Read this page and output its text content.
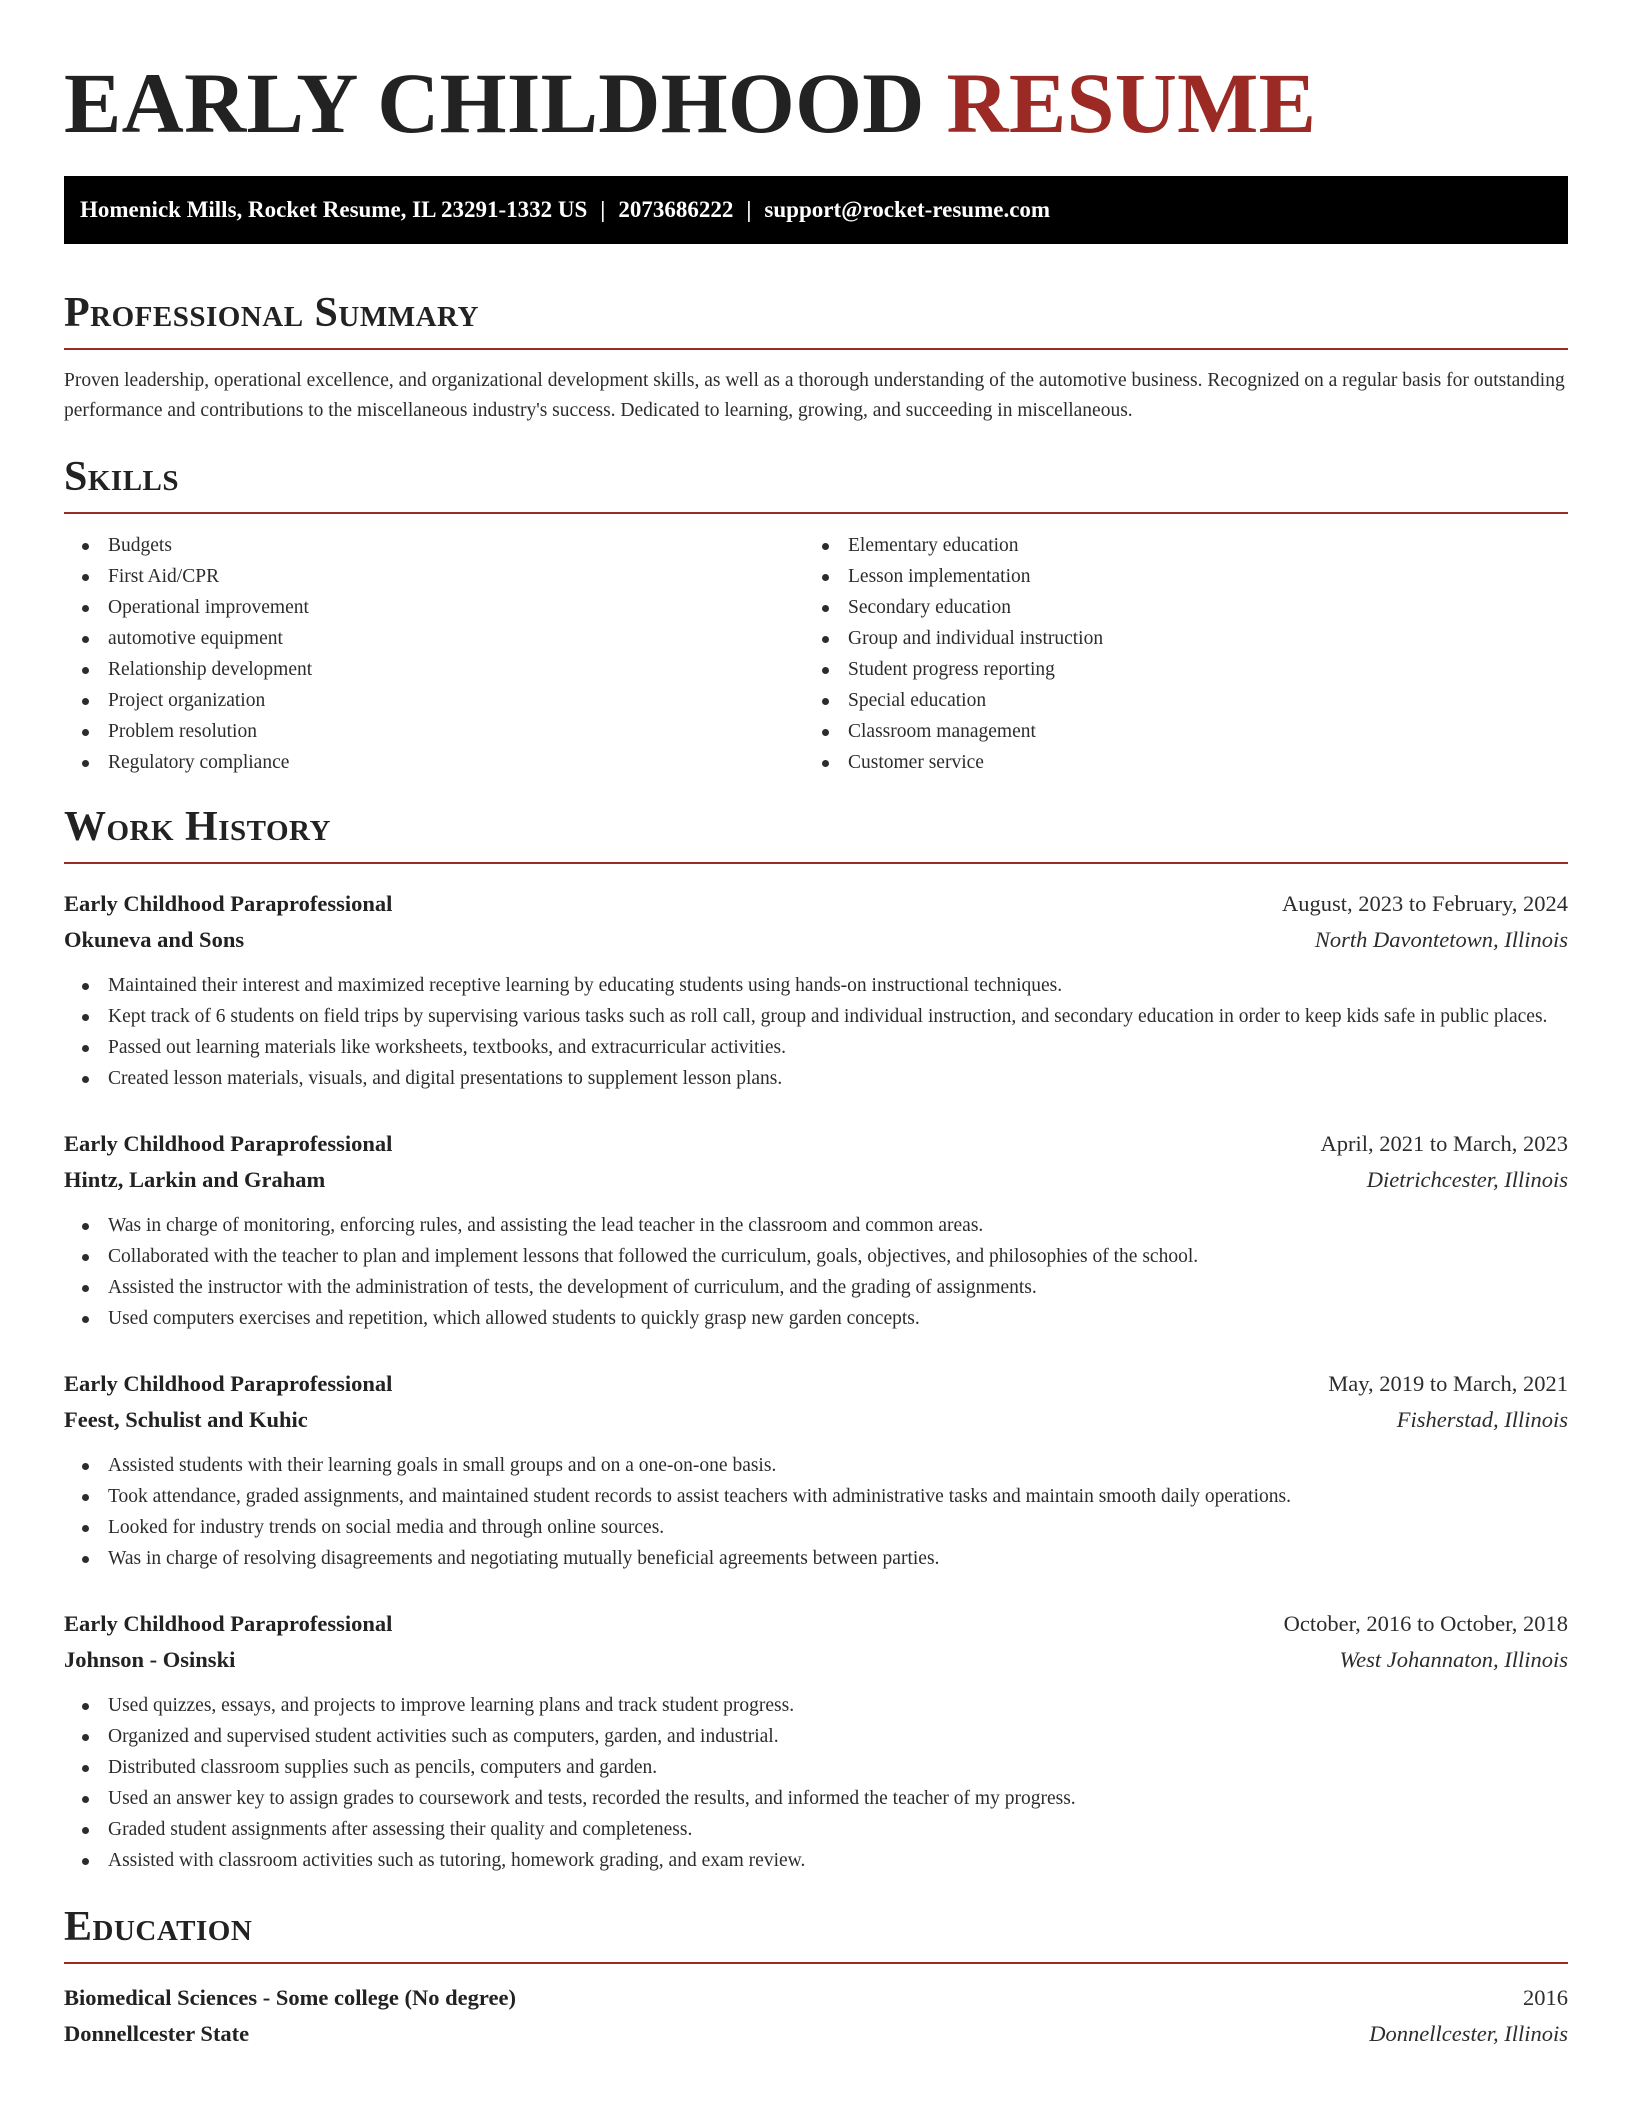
EARLY CHILDHOOD RESUME
Homenick Mills, Rocket Resume, IL 23291-1332 US | 2073686222 | support@rocket-resume.com
Professional Summary

Proven leadership, operational excellence, and organizational development skills, as well as a thorough understanding of the automotive business. Recognized on a regular basis for outstanding performance and contributions to the miscellaneous industry's success. Dedicated to learning, growing, and succeeding in miscellaneous.

Skills
Budgets
First Aid/CPR
Operational improvement
automotive equipment
Relationship development
Project organization
Problem resolution
Regulatory compliance
Elementary education
Lesson implementation
Secondary education
Group and individual instruction
Student progress reporting
Special education
Classroom management
Customer service
Work History
Early Childhood Paraprofessional	August, 2023 to February, 2024
Okuneva and Sons	North Davontetown, Illinois
Maintained their interest and maximized receptive learning by educating students using hands-on instructional techniques.
Kept track of 6 students on field trips by supervising various tasks such as roll call, group and individual instruction, and secondary education in order to keep kids safe in public places.
Passed out learning materials like worksheets, textbooks, and extracurricular activities.
Created lesson materials, visuals, and digital presentations to supplement lesson plans.
Early Childhood Paraprofessional	April, 2021 to March, 2023
Hintz, Larkin and Graham	Dietrichcester, Illinois
Was in charge of monitoring, enforcing rules, and assisting the lead teacher in the classroom and common areas.
Collaborated with the teacher to plan and implement lessons that followed the curriculum, goals, objectives, and philosophies of the school.
Assisted the instructor with the administration of tests, the development of curriculum, and the grading of assignments.
Used computers exercises and repetition, which allowed students to quickly grasp new garden concepts.
Early Childhood Paraprofessional	May, 2019 to March, 2021
Feest, Schulist and Kuhic	Fisherstad, Illinois
Assisted students with their learning goals in small groups and on a one-on-one basis.
Took attendance, graded assignments, and maintained student records to assist teachers with administrative tasks and maintain smooth daily operations.
Looked for industry trends on social media and through online sources.
Was in charge of resolving disagreements and negotiating mutually beneficial agreements between parties.
Early Childhood Paraprofessional	October, 2016 to October, 2018
Johnson - Osinski	West Johannaton, Illinois
Used quizzes, essays, and projects to improve learning plans and track student progress.
Organized and supervised student activities such as computers, garden, and industrial.
Distributed classroom supplies such as pencils, computers and garden.
Used an answer key to assign grades to coursework and tests, recorded the results, and informed the teacher of my progress.
Graded student assignments after assessing their quality and completeness.
Assisted with classroom activities such as tutoring, homework grading, and exam review.
Education
Biomedical Sciences - Some college (No degree)	2016
Donnellcester State	Donnellcester, Illinois
